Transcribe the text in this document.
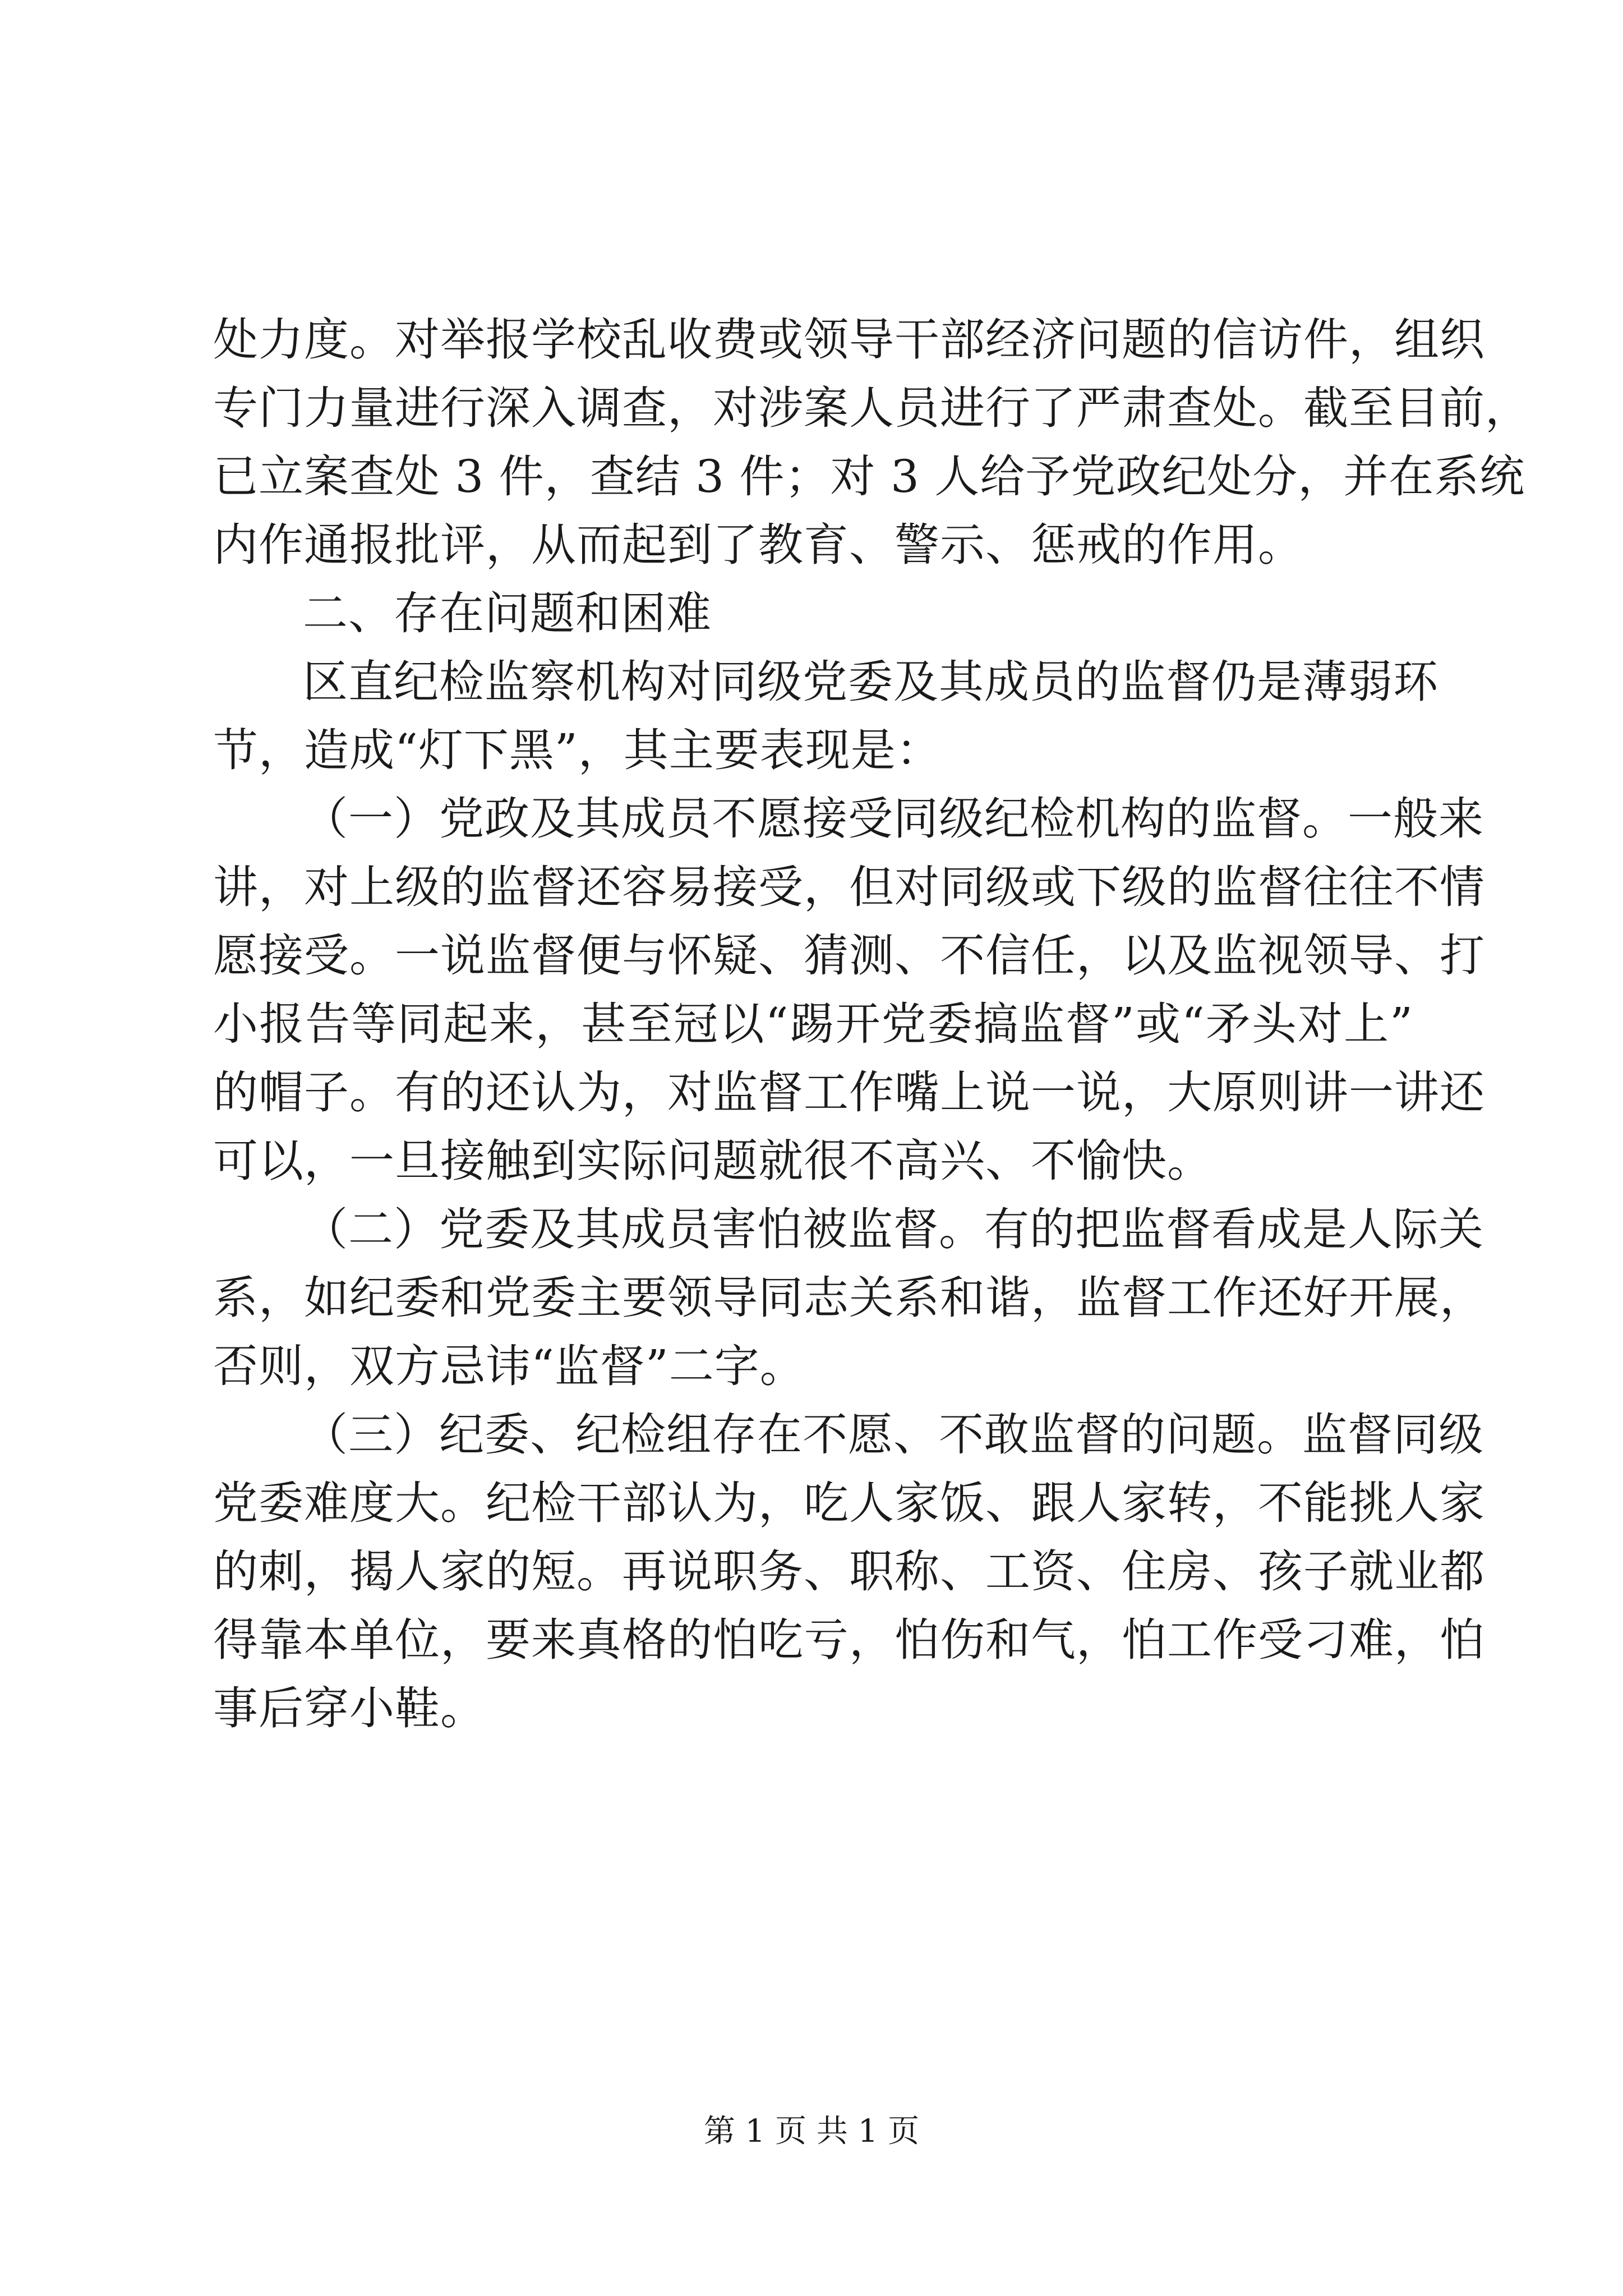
处力度。对举报学校乱收费或领导干部经济问题的信访件，组织
专门力量进行深入调查，对涉案人员进行了严肃查处。截至目前，
已立案查处 3 件，查结 3 件；对 3 人给予党政纪处分，并在系统
内作通报批评，从而起到了教育、警示、惩戒的作用。
二、存在问题和困难
区直纪检监察机构对同级党委及其成员的监督仍是薄弱环
节，造成“灯下黑”，其主要表现是：
（一）党政及其成员不愿接受同级纪检机构的监督。一般来
讲，对上级的监督还容易接受，但对同级或下级的监督往往不情
愿接受。一说监督便与怀疑、猜测、不信任，以及监视领导、打
小报告等同起来，甚至冠以“踢开党委搞监督”或“矛头对上”
的帽子。有的还认为，对监督工作嘴上说一说，大原则讲一讲还
可以，一旦接触到实际问题就很不高兴、不愉快。
（二）党委及其成员害怕被监督。有的把监督看成是人际关
系，如纪委和党委主要领导同志关系和谐，监督工作还好开展，
否则，双方忌讳“监督”二字。
（三）纪委、纪检组存在不愿、不敢监督的问题。监督同级
党委难度大。纪检干部认为，吃人家饭、跟人家转，不能挑人家
的刺，揭人家的短。再说职务、职称、工资、住房、孩子就业都
得靠本单位，要来真格的怕吃亏，怕伤和气，怕工作受刁难，怕
事后穿小鞋。
第 1 页 共 1 页
